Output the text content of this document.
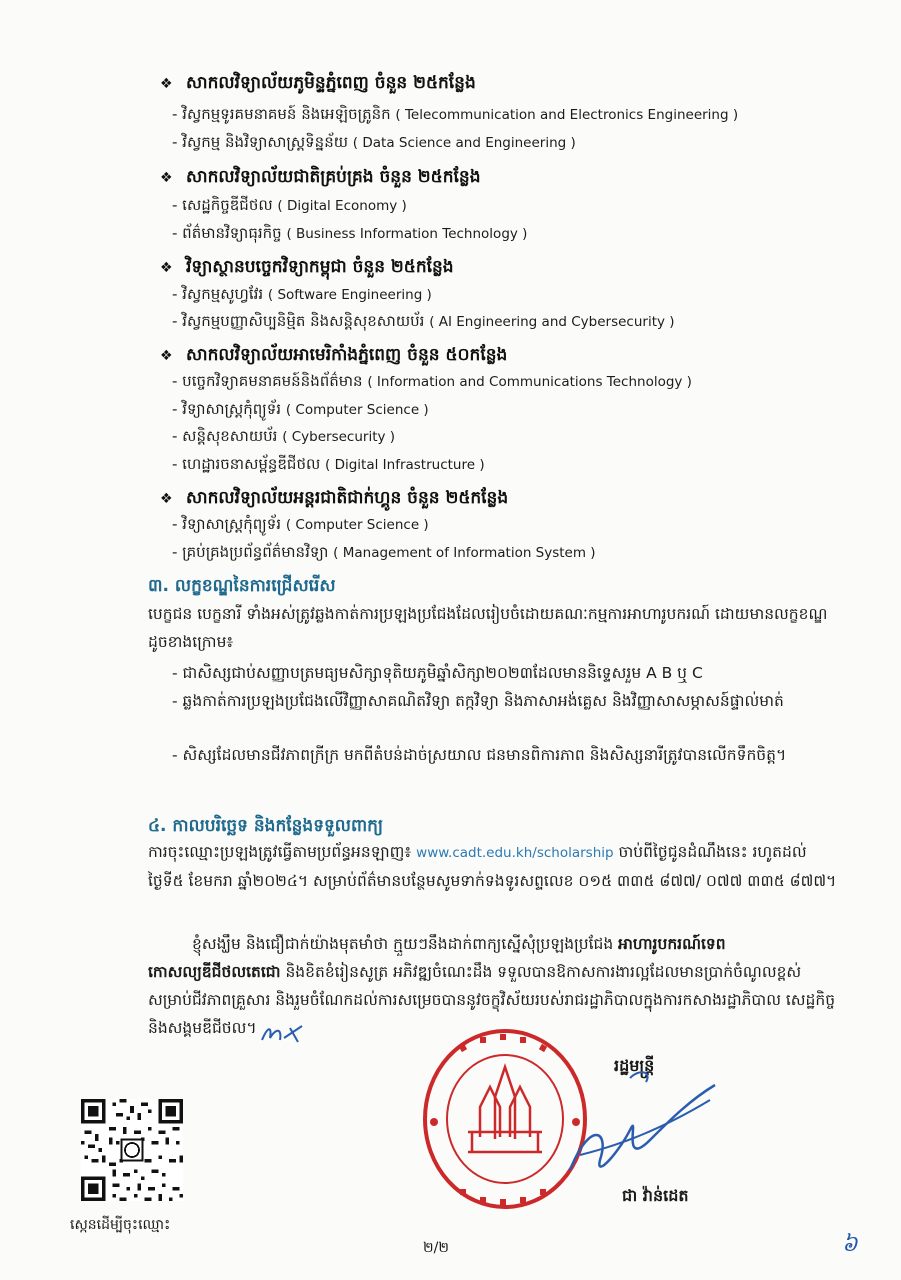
❖ សាកលវិទ្យាល័យភូមិន្ទភ្នំពេញ ចំនួន ២៥កន្លែង
- វិស្វកម្មទូរគមនាគមន៍ និងអេឡិចត្រូនិក ( Telecommunication and Electronics Engineering )
- វិស្វកម្ម និងវិទ្យាសាស្ត្រទិន្នន័យ ( Data Science and Engineering )
❖ សាកលវិទ្យាល័យជាតិគ្រប់គ្រង ចំនួន ២៥កន្លែង
- សេដ្ឋកិច្ចឌីជីថល ( Digital Economy )
- ព័ត៌មានវិទ្យាធុរកិច្ច ( Business Information Technology )
❖ វិទ្យាស្ថានបច្ចេកវិទ្យាកម្ពុជា ចំនួន ២៥កន្លែង
- វិស្វកម្មសូហ្វវែរ ( Software Engineering )
- វិស្វកម្មបញ្ញាសិប្បនិម្មិត និងសន្តិសុខសាយប័រ ( AI Engineering and Cybersecurity )
❖ សាកលវិទ្យាល័យអាមេរិកាំងភ្នំពេញ ចំនួន ៥០កន្លែង
- បច្ចេកវិទ្យាគមនាគមន៍និងព័ត៌មាន ( Information and Communications Technology )
- វិទ្យាសាស្ត្រកុំព្យូទ័រ ( Computer Science )
- សន្តិសុខសាយប័រ ( Cybersecurity )
- ហេដ្ឋារចនាសម្ព័ន្ធឌីជីថល ( Digital Infrastructure )
❖ សាកលវិទ្យាល័យអន្តរជាតិជាក់ហ្គូន ចំនួន ២៥កន្លែង
- វិទ្យាសាស្ត្រកុំព្យូទ័រ ( Computer Science )
- គ្រប់គ្រងប្រព័ន្ធព័ត៌មានវិទ្យា ( Management of Information System )
៣. លក្ខខណ្ឌនៃការជ្រើសរើស
បេក្ខជន បេក្ខនារី ទាំងអស់ត្រូវឆ្លងកាត់ការប្រឡងប្រជែងដែលរៀបចំដោយគណៈកម្មការអាហារូបករណ៍ ដោយមានលក្ខខណ្ឌដូចខាងក្រោម៖
- ជាសិស្សជាប់សញ្ញាបត្រមធ្យមសិក្សាទុតិយភូមិឆ្នាំសិក្សា២០២៣ដែលមាននិទ្ទេសរួម A B ឬ C
- ឆ្លងកាត់ការប្រឡងប្រជែងលើវិញ្ញាសាគណិតវិទ្យា តក្កវិទ្យា និងភាសាអង់គ្លេស និងវិញ្ញាសាសម្ភាសន៍ផ្ទាល់មាត់
- សិស្សដែលមានជីវភាពក្រីក្រ មកពីតំបន់ដាច់ស្រយាល ជនមានពិការភាព និងសិស្សនារីត្រូវបានលើកទឹកចិត្ត។
៤. កាលបរិច្ឆេទ និងកន្លែងទទួលពាក្យ
ការចុះឈ្មោះប្រឡងត្រូវធ្វើតាមប្រព័ន្ធអនឡាញ៖ www.cadt.edu.kh/scholarship ចាប់ពីថ្ងៃជូនដំណឹងនេះ រហូតដល់ថ្ងៃទី៥ ខែមករា ឆ្នាំ២០២៤។ សម្រាប់ព័ត៌មានបន្ថែមសូមទាក់ទងទូរសព្ទលេខ ០១៥ ៣៣៥ ៨៧៧/ ០៧៧ ៣៣៥ ៨៧៧។
ខ្ញុំសង្ឃឹម និងជឿជាក់យ៉ាងមុតមាំថា ក្មួយៗនឹងដាក់ពាក្យស្នើសុំប្រឡងប្រជែង អាហារូបករណ៍ទេពកោសល្យឌីជីថលតេជោ និងខិតខំរៀនសូត្រ អភិវឌ្ឍចំណេះដឹង ទទួលបានឱកាសការងារល្អដែលមានប្រាក់ចំណូលខ្ពស់សម្រាប់ជីវភាពគ្រួសារ និងរួមចំណែកដល់ការសម្រេចបាននូវចក្ខុវិស័យរបស់រាជរដ្ឋាភិបាលក្នុងការកសាងរដ្ឋាភិបាល សេដ្ឋកិច្ច និងសង្គមឌីជីថល។
រដ្ឋមន្ត្រី
ជា វ៉ាន់ដេត
ស្កេនដើម្បីចុះឈ្មោះ
២/២	៦
